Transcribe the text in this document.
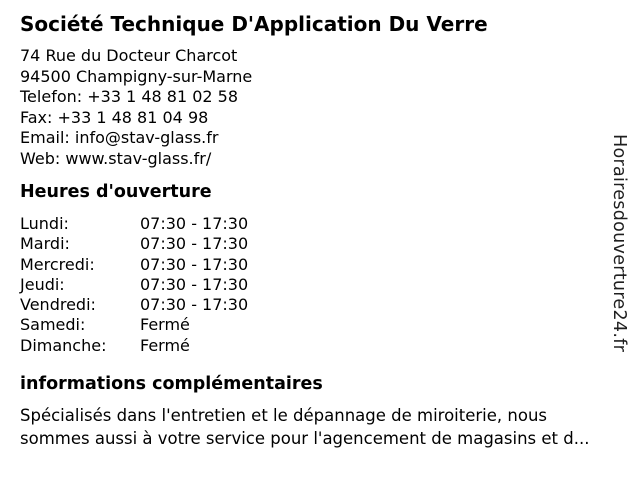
Société Technique D'Application Du Verre
74 Rue du Docteur Charcot
94500 Champigny-sur-Marne
Telefon: +33 1 48 81 02 58
Fax: +33 1 48 81 04 98
Email: info@stav-glass.fr
Web: www.stav-glass.fr/
Heures d'ouverture
Lundi:	07:30 - 17:30
Mardi:	07:30 - 17:30
Mercredi:	07:30 - 17:30
Jeudi:	07:30 - 17:30
Vendredi:	07:30 - 17:30
Samedi:	Fermé
Dimanche:	Fermé
informations complémentaires

Spécialisés dans l'entretien et le dépannage de miroiterie, nous sommes aussi à votre service pour l'agencement de magasins et d...

Horairesdouverture24.fr
